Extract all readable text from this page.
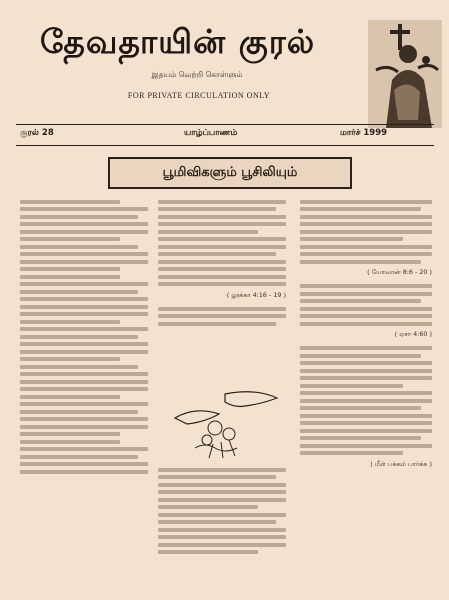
தேவதாயின் குரல்
இதயம் வெற்றி கொள்ளும்
FOR PRIVATE CIRCULATION ONLY
குரல் 28	யாழ்ப்பாணம்	மார்ச் 1999
பூமிவிகளும் பூசிலியும்
( லூக்கா 4:16 - 19 )
( யோவான் 8:6 - 20 )
( ஏசா 4:60 )
( மீள் பக்கம் பார்க்க )
